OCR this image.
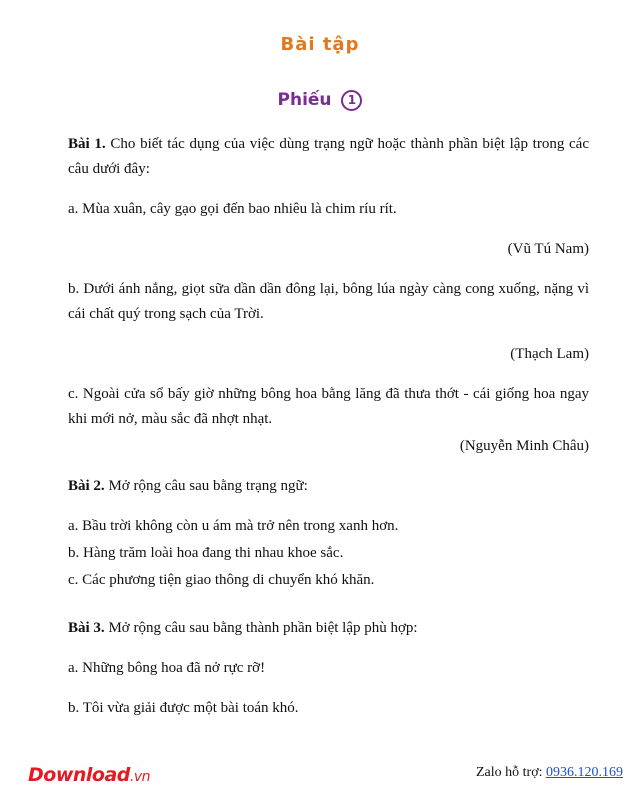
Bài tập
Phiếu 1

Bài 1. Cho biết tác dụng của việc dùng trạng ngữ hoặc thành phần biệt lập trong các câu dưới đây:

a. Mùa xuân, cây gạo gọi đến bao nhiêu là chim ríu rít.

(Vũ Tú Nam)

b. Dưới ánh nắng, giọt sữa dần dần đông lại, bông lúa ngày càng cong xuống, nặng vì cái chất quý trong sạch của Trời.

(Thạch Lam)

c. Ngoài cửa sổ bấy giờ những bông hoa bằng lăng đã thưa thớt - cái giống hoa ngay khi mới nở, màu sắc đã nhợt nhạt.

(Nguyễn Minh Châu)

Bài 2. Mở rộng câu sau bằng trạng ngữ:

a. Bầu trời không còn u ám mà trở nên trong xanh hơn.

b. Hàng trăm loài hoa đang thi nhau khoe sắc.

c. Các phương tiện giao thông di chuyển khó khăn.

Bài 3. Mở rộng câu sau bằng thành phần biệt lập phù hợp:

a. Những bông hoa đã nở rực rỡ!

b. Tôi vừa giải được một bài toán khó.

Download.vn	Zalo hỗ trợ: 0936.120.169
